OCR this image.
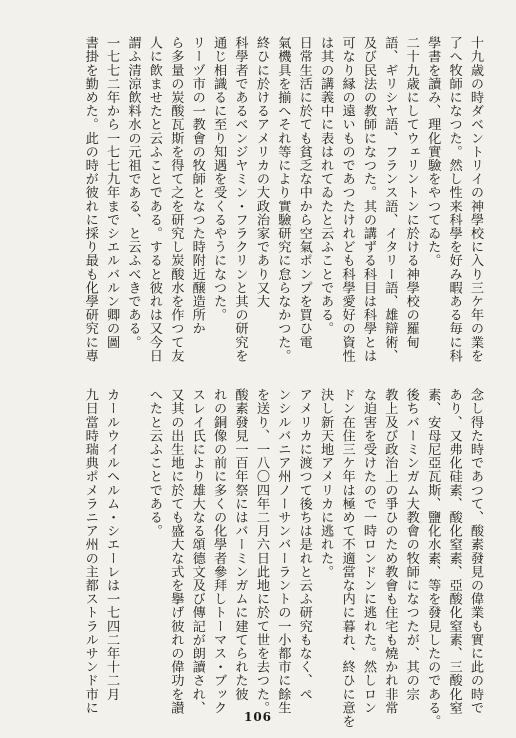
十九歳の時ダベントリイの神學校に入り三ケ年の業を
了へ牧師になつた。然し性来科學を好み暇ある毎に科
學書を讀み、理化實驗をやつてゐた。
二十九歳にしてウェリントンに於ける神學校の羅甸
語、ギリシヤ語、フランス語、イタリー語、雄辯術、
及び民法の教師になつた。其の講ずる科目は科學とは
可なり縁の遠いものであつたけれども科學愛好の資性
は其の講義中に表はれてゐたと云ふことである。
日常生活に於ても貧乏な中から空氣ポンプを買ひ電
氣機具を揃へそれ等により實驗研究に怠らなかつた。
終ひに於けるアメリカの大政治家であり又大
科學者であるベンジヤミン・フラクリンと其の研究を
通じ相識るに至り知遇を受くるやうになつた。
リーヅ市の一教會の牧師となつた時附近醸造所か
ら多量の炭酸瓦斯を得て之を研究し炭酸水を作つて友
人に飲ませたと云ふことである。すると彼れは又今日
謂ふ清涼飲料水の元祖である、と云ふべきである。
一七七二年から一七七九年までシエルバルン卿の圖
書掛を勤めた。此の時が彼れに採り最も化學研究に專
念し得た時であつて、酸素發見の偉業も實に此の時で
あり、又弗化硅素、酸化窒素、亞酸化窒素、三酸化窒
素、安母尼亞瓦斯、鹽化水素、等を發見したのである。
後ちバーミンガム大教會の牧師になつたが、其の宗
教上及び政治上の爭ひのため教會も住宅も燒かれ非常
な迫害を受けたので一時ロンドンに逃れた。然しロン
ドン在住三ケ年は極めて不適當な内に暮れ、終ひに意を
決し新天地アメリカに逃れた。
アメリカに渡つて後ちは是れと云ふ研究もなく、ペ
ンシルバニア州ノーサンバーラントの一小都市に餘生
を送り、一八〇四年二月六日此地に於て世を去つた。
酸素發見一百年祭にはバーミンガムに建てられた彼
れの銅像の前に多くの化學者參拜しトーマス・ブック
スレイ氏により雄大なる頌德文及び傳記が朗讀され、
又其の出生地に於ても盛大な式を擧げ彼れの偉功を讃
へたと云ふことである。

カールウイルヘルム・シエーレは一七四二年十二月
九日當時瑞典ポメラニア州の主都ストラルサンド市に
106
